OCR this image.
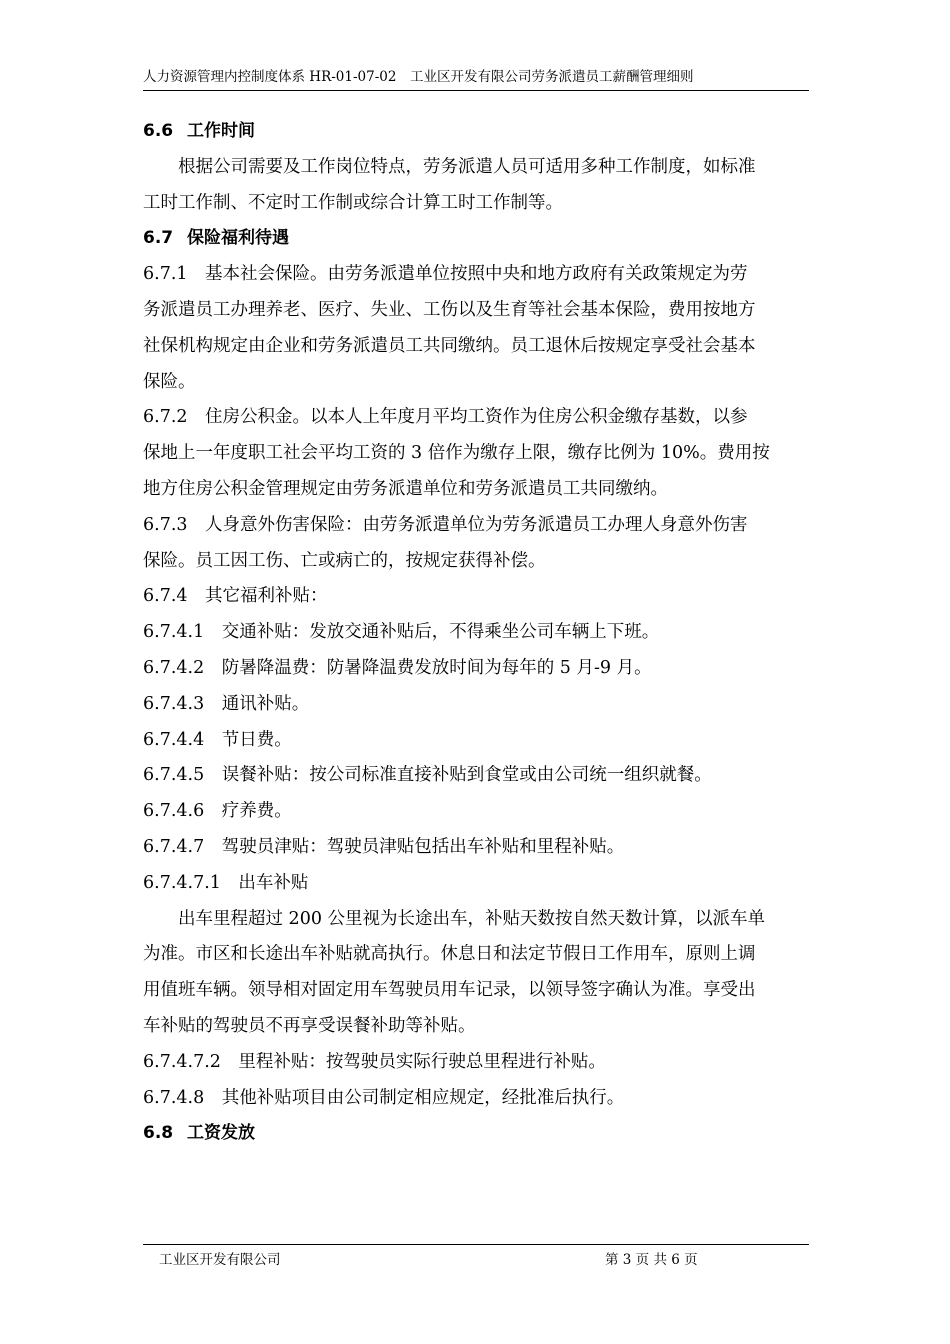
人力资源管理内控制度体系 HR-01-07-02　工业区开发有限公司劳务派遣员工薪酬管理细则
6.6 工作时间
　　根据公司需要及工作岗位特点，劳务派遣人员可适用多种工作制度，如标准
工时工作制、不定时工作制或综合计算工时工作制等。
6.7 保险福利待遇
6.7.1　基本社会保险。由劳务派遣单位按照中央和地方政府有关政策规定为劳
务派遣员工办理养老、医疗、失业、工伤以及生育等社会基本保险，费用按地方
社保机构规定由企业和劳务派遣员工共同缴纳。员工退休后按规定享受社会基本
保险。
6.7.2　住房公积金。以本人上年度月平均工资作为住房公积金缴存基数，以参
保地上一年度职工社会平均工资的 3 倍作为缴存上限，缴存比例为 10%。费用按
地方住房公积金管理规定由劳务派遣单位和劳务派遣员工共同缴纳。
6.7.3　人身意外伤害保险：由劳务派遣单位为劳务派遣员工办理人身意外伤害
保险。员工因工伤、亡或病亡的，按规定获得补偿。
6.7.4　其它福利补贴：
6.7.4.1　交通补贴：发放交通补贴后，不得乘坐公司车辆上下班。
6.7.4.2　防暑降温费：防暑降温费发放时间为每年的 5 月-9 月。
6.7.4.3　通讯补贴。
6.7.4.4　节日费。
6.7.4.5　误餐补贴：按公司标准直接补贴到食堂或由公司统一组织就餐。
6.7.4.6　疗养费。
6.7.4.7　驾驶员津贴：驾驶员津贴包括出车补贴和里程补贴。
6.7.4.7.1　出车补贴
　　出车里程超过 200 公里视为长途出车，补贴天数按自然天数计算，以派车单
为准。市区和长途出车补贴就高执行。休息日和法定节假日工作用车，原则上调
用值班车辆。领导相对固定用车驾驶员用车记录，以领导签字确认为准。享受出
车补贴的驾驶员不再享受误餐补助等补贴。
6.7.4.7.2　里程补贴：按驾驶员实际行驶总里程进行补贴。
6.7.4.8　其他补贴项目由公司制定相应规定，经批准后执行。
6.8 工资发放
工业区开发有限公司	第 3 页 共 6 页
